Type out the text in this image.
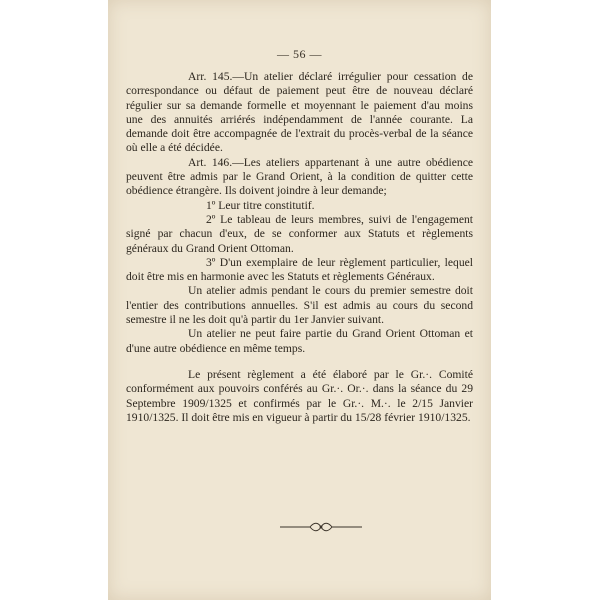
— 56 —

Arr. 145.—Un atelier déclaré irrégulier pour cessation de correspondance ou défaut de paiement peut être de nouveau déclaré régulier sur sa demande formelle et moyennant le paiement d'au moins une des annuités arriérés indépendamment de l'année courante. La demande doit être accompagnée de l'extrait du procès-verbal de la séance où elle a été décidée.

Art. 146.—Les ateliers appartenant à une autre obédience peuvent être admis par le Grand Orient, à la condition de quitter cette obédience étrangère. Ils doivent joindre à leur demande;

1º Leur titre constitutif.

2º Le tableau de leurs membres, suivi de l'engagement signé par chacun d'eux, de se conformer aux Statuts et règlements généraux du Grand Orient Ottoman.

3º D'un exemplaire de leur règlement particulier, lequel doit être mis en harmonie avec les Statuts et règlements Généraux.

Un atelier admis pendant le cours du premier semestre doit l'entier des contributions annuelles. S'il est admis au cours du second semestre il ne les doit qu'à partir du 1er Janvier suivant.

Un atelier ne peut faire partie du Grand Orient Ottoman et d'une autre obédience en même temps.

Le présent règlement a été élaboré par le Gr.·. Comité conformément aux pouvoirs conférés au Gr.·. Or.·. dans la séance du 29 Septembre 1909/1325 et confirmés par le Gr.·. M.·. le 2/15 Janvier 1910/1325. Il doit être mis en vigueur à partir du 15/28 février 1910/1325.
